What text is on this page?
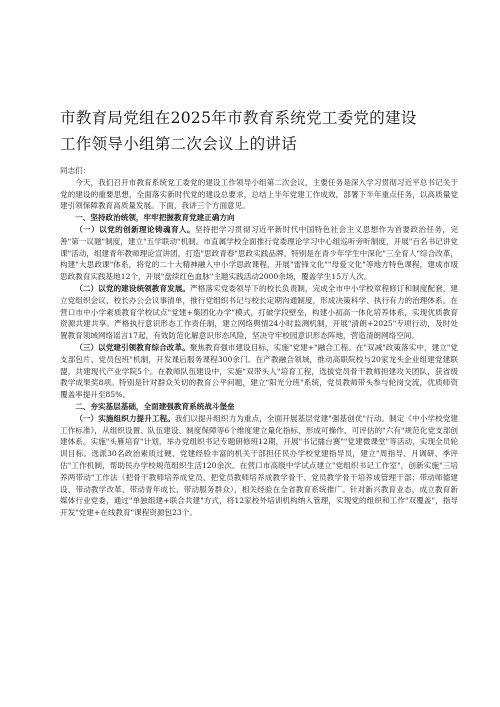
市教育局党组在2025年市教育系统党工委党的建设
工作领导小组第二次会议上的讲话

同志们：

今天，我们召开市教育系统党工委党的建设工作领导小组第二次会议，主要任务是深入学习贯彻习近平总书记关于党的建设的重要思想，全面落实新时代党的建设总要求，总结上半年党建工作成效，部署下半年重点任务，以高质量党建引领保障教育高质量发展。下面，我讲三个方面意见。

一、坚持政治统领，牢牢把握教育党建正确方向

（一）以党的创新理论铸魂育人。坚持把学习贯彻习近平新时代中国特色社会主义思想作为首要政治任务，完善"第一议题"制度，建立"五学联动"机制。市直属学校全面推行党委理论学习中心组巡听旁听制度，开展"百名书记讲党课"活动，组建青年教师理论宣讲团，打造"思政青春"思政实践品牌。特别是在青少年学生中深化"三全育人"综合改革，构建"大思政课"体系，将党的二十大精神融入中小学思政课程，开展"雷锋文化""母爱文化"等地方特色课程，建成市级思政教育实践基地12个，开展"盘续红色血脉"主题实践活动2000余场，覆盖学生15万人次。

（二）以党的建设统领教育发展。严格落实党委领导下的校长负责制，完成全市中小学校章程修订和制度配套，建立党组织会议、校长办公会议事清单，推行党组织书记与校长定期沟通制度，形成决策科学、执行有力的治理体系。在营口市中小学素质教育学校试点"党建+集团化办学"模式，打破学段壁垒，构建小初高一体化培养体系，实现优质教育资源共建共享。严格执行意识形态工作责任制，建立网络舆情24小时监测机制，开展"清朗+2025"专项行动，及时处置教育领域网络谣言17起，有效防范化解意识形态风险，坚决守牢校园意识形态阵地，营造清朗网络空间。

（三）以党建引领教育综合改革。聚焦教育强市建设目标，实施"党建+"融合工程。在"双减"政策落实中，建立"党支部包片、党员包班"机制，开发课后服务课程300余门。在产教融合领域，推动高职院校与20家龙头企业组建党建联盟，共建现代产业学院5个。在教师队伍建设中，实施"双带头人"培育工程，选拔党员骨干教师担建攻关团队，获省级教学成果奖8项。特别是针对群众关切的教育公平问题，建立"阳光分班"系统，党员教师带头参与轮岗交流，优质师资覆盖率提升至85%。

二、夯实基层基础，全面建强教育系统战斗堡垒

（一）实施组织力提升工程。我们以提升组织力为重点，全面开展基层党建"强基创优"行动。制定《中小学校党建工作标准》，从组织设置、队伍建设、制度保障等6个维度建立量化指标，形成可操作、可评估的"六有"规范化党支部创建体系。实施"头雁培育"计划，举办党组织书记专题研修班12期，开展"书记擂台赛""党建微课堂"等活动，实现全员轮训目标。选派30名政治素质过硬、党建经验丰富的机关干部担任民办学校党建指导员，建立"周指导、月调研、季评估"工作机制，帮助民办学校规范组织生活120余次。在营口市高级中学试点建立"党组织书记工作室"，创新实施"三培养两带动"工作法（把骨干教师培养成党员、把党员教师培养成教学骨干、党员教学骨干培养成管理干部；带动师德建设、带动教学改革、带动青年成长、带动服务群众），相关经验在全省教育系统推广。针对新兴教育业态，成立教育新媒体行业党委，通过"单独组建+联合共建"方式，将12家校外培训机构纳入管理，实现党的组织和工作"双覆盖"，指导开发"党建+在线教育"课程资源包23个。
